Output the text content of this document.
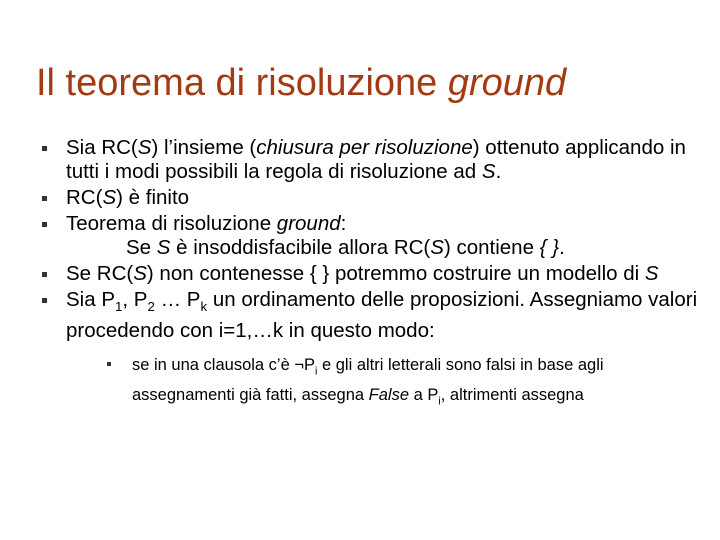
Il teorema di risoluzione ground
Sia RC(S) l’insieme (chiusura per risoluzione) ottenuto applicando in tutti i modi possibili la regola di risoluzione ad S.
RC(S) è finito
Teorema di risoluzione ground:
Se S è insoddisfacibile allora RC(S) contiene { }.
Se RC(S) non contenesse { } potremmo costruire un modello di S
Sia $P_1$, $P_2$ … $P_k$ un ordinamento delle proposizioni. Assegniamo valori procedendo con i=1,…k in questo modo:
se in una clausola c’è $\neg P_i$ e gli altri letterali sono falsi in base agli assegnamenti già fatti, assegna False a $P_i$, altrimenti assegna
